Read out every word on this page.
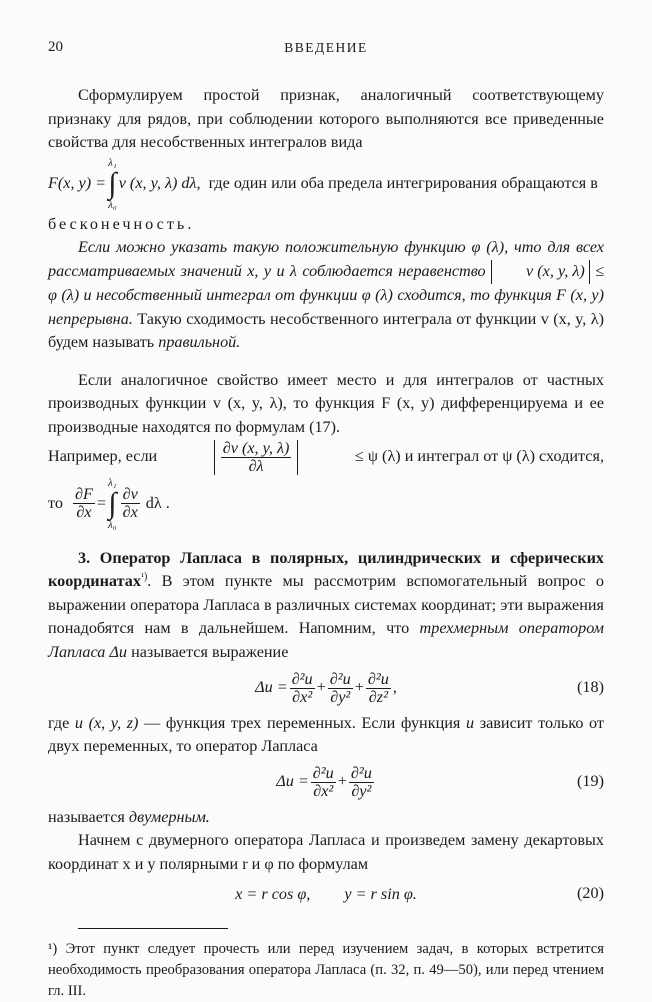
20	ВВЕДЕНИЕ

Сформулируем простой признак, аналогичный соответствующему признаку для рядов, при соблюдении которого выполняются все приведенные свойства для несобственных интегралов вида

F(x, y) =
λ₁
∫
λ₀
v (x, y, λ) dλ, где один или оба предела интегрирования обращаются в

бесконечность.

Если можно указать такую положительную функцию φ (λ), что для всех рассматриваемых значений x, y и λ соблюдается неравенство v (x, y, λ) ≤ φ (λ) и несобственный интеграл от функции φ (λ) сходится, то функция F (x, y) непрерывна. Такую сходимость несобственного интеграла от функции v (x, y, λ) будем называть правильной.

Если аналогичное свойство имеет место и для интегралов от частных производных функции v (x, y, λ), то функция F (x, y) дифференцируема и ее производные находятся по формулам (17).

Например, если	$\frac{\partial v (x, y, \lambda)}{\partial\lambda}$	≤ ψ (λ) и интеграл от ψ (λ) сходится,
то $\frac{\partial F}{\partial x}$ =
λ₁
∫
λ₀
$\frac{\partial v}{\partial x}$ dλ .

3. Оператор Лапласа в полярных, цилиндрических и сферических координатах$^{^1)}$. В этом пункте мы рассмотрим вспомогательный вопрос о выражении оператора Лапласа в различных системах координат; эти выражения понадобятся нам в дальнейшем. Напомним, что трехмерным оператором Лапласа Δu называется выражение

$\Delta u = \frac{\text{∂²u}}{\text{∂x²}} + \frac{\text{∂²u}}{\text{∂y²}} + \frac{\text{∂²u}}{\text{∂z²}}$ ,	(18)

где u (x, y, z) — функция трех переменных. Если функция u зависит только от двух переменных, то оператор Лапласа

$\Delta u = \frac{\text{∂²u}}{\text{∂x²}} + \frac{\text{∂²u}}{\text{∂y²}}$	(19)

называется двумерным.

Начнем с двумерного оператора Лапласа и произведем замену декартовых координат x и y полярными r и φ по формулам

x = r cos φ, y = r sin φ.	(20)

¹) Этот пункт следует прочесть или перед изучением задач, в которых встретится необходимость преобразования оператора Лапласа (п. 32, п. 49—50), или перед чтением гл. III.
